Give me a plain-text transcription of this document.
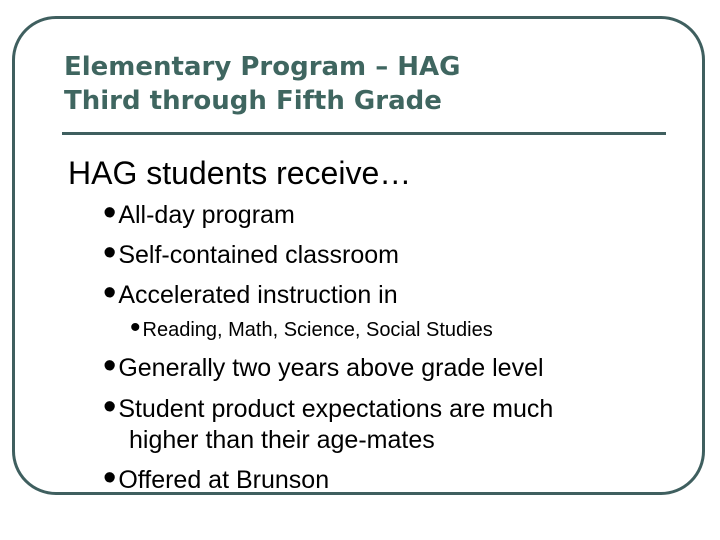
Elementary Program – HAG
Third through Fifth Grade
HAG students receive…
•All-day program
•Self-contained classroom
•Accelerated instruction in
• Reading, Math, Science, Social Studies
•Generally two years above grade level
•Student product expectations are much
higher than their age-mates
•Offered at Brunson
